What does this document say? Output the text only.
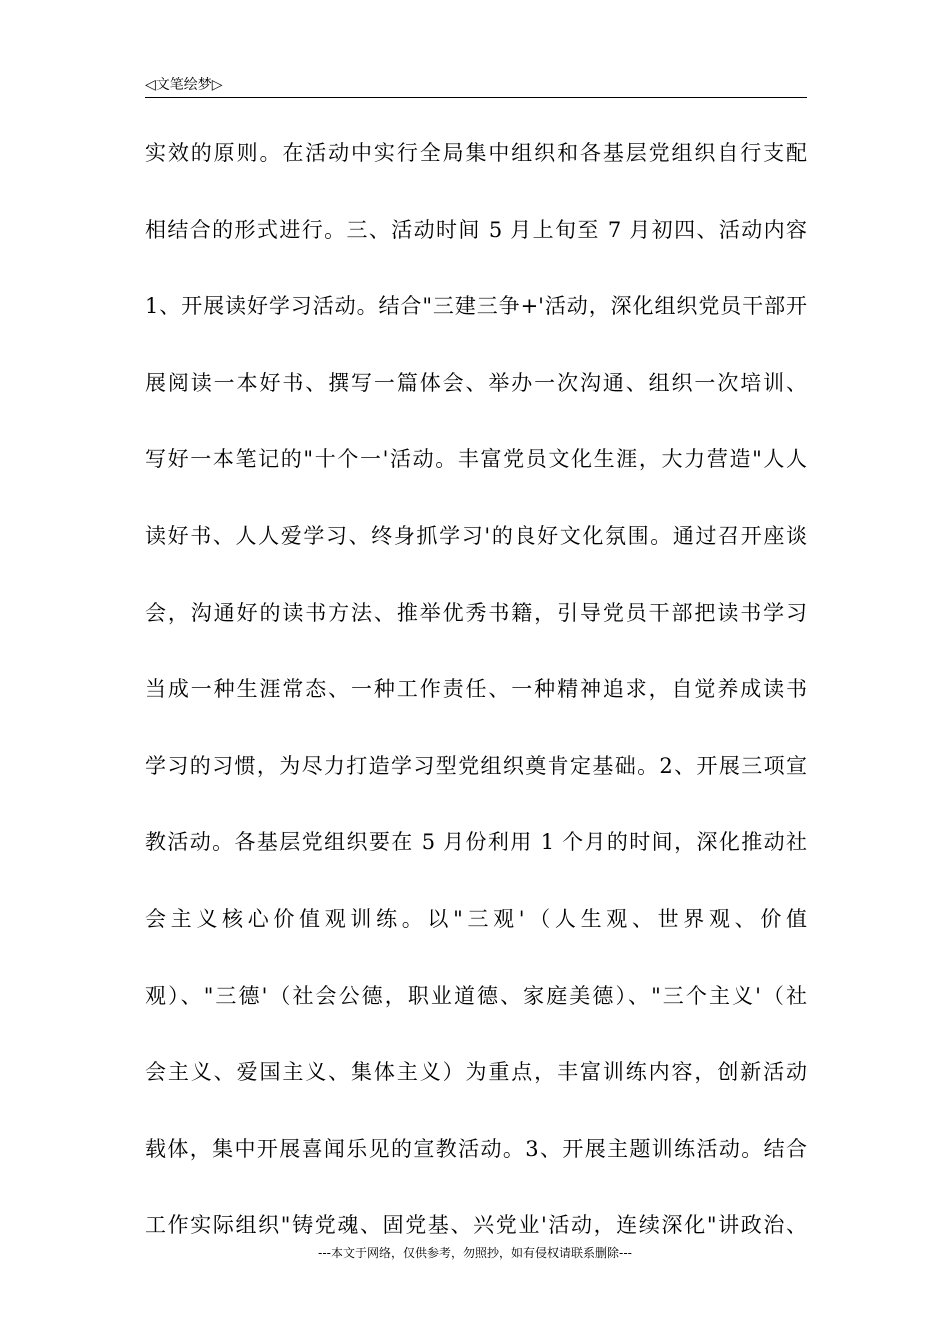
◁文笔绘梦▷
实效的原则。在活动中实行全局集中组织和各基层党组织自行支配
相结合的形式进行。三、活动时间 5 月上旬至 7 月初四、活动内容
1、开展读好学习活动。结合"三建三争+'活动，深化组织党员干部开
展阅读一本好书、撰写一篇体会、举办一次沟通、组织一次培训、
写好一本笔记的"十个一'活动。丰富党员文化生涯，大力营造"人人
读好书、人人爱学习、终身抓学习'的良好文化氛围。通过召开座谈
会，沟通好的读书方法、推举优秀书籍，引导党员干部把读书学习
当成一种生涯常态、一种工作责任、一种精神追求，自觉养成读书
学习的习惯，为尽力打造学习型党组织奠肯定基础。2、开展三项宣
教活动。各基层党组织要在 5 月份利用 1 个月的时间，深化推动社
会主义核心价值观训练。以"三观'（人生观、世界观、价值
观）、"三德'（社会公德，职业道德、家庭美德）、"三个主义'（社
会主义、爱国主义、集体主义）为重点，丰富训练内容，创新活动
载体，集中开展喜闻乐见的宣教活动。3、开展主题训练活动。结合
工作实际组织"铸党魂、固党基、兴党业'活动，连续深化"讲政治、
---本文于网络，仅供参考，勿照抄，如有侵权请联系删除---
